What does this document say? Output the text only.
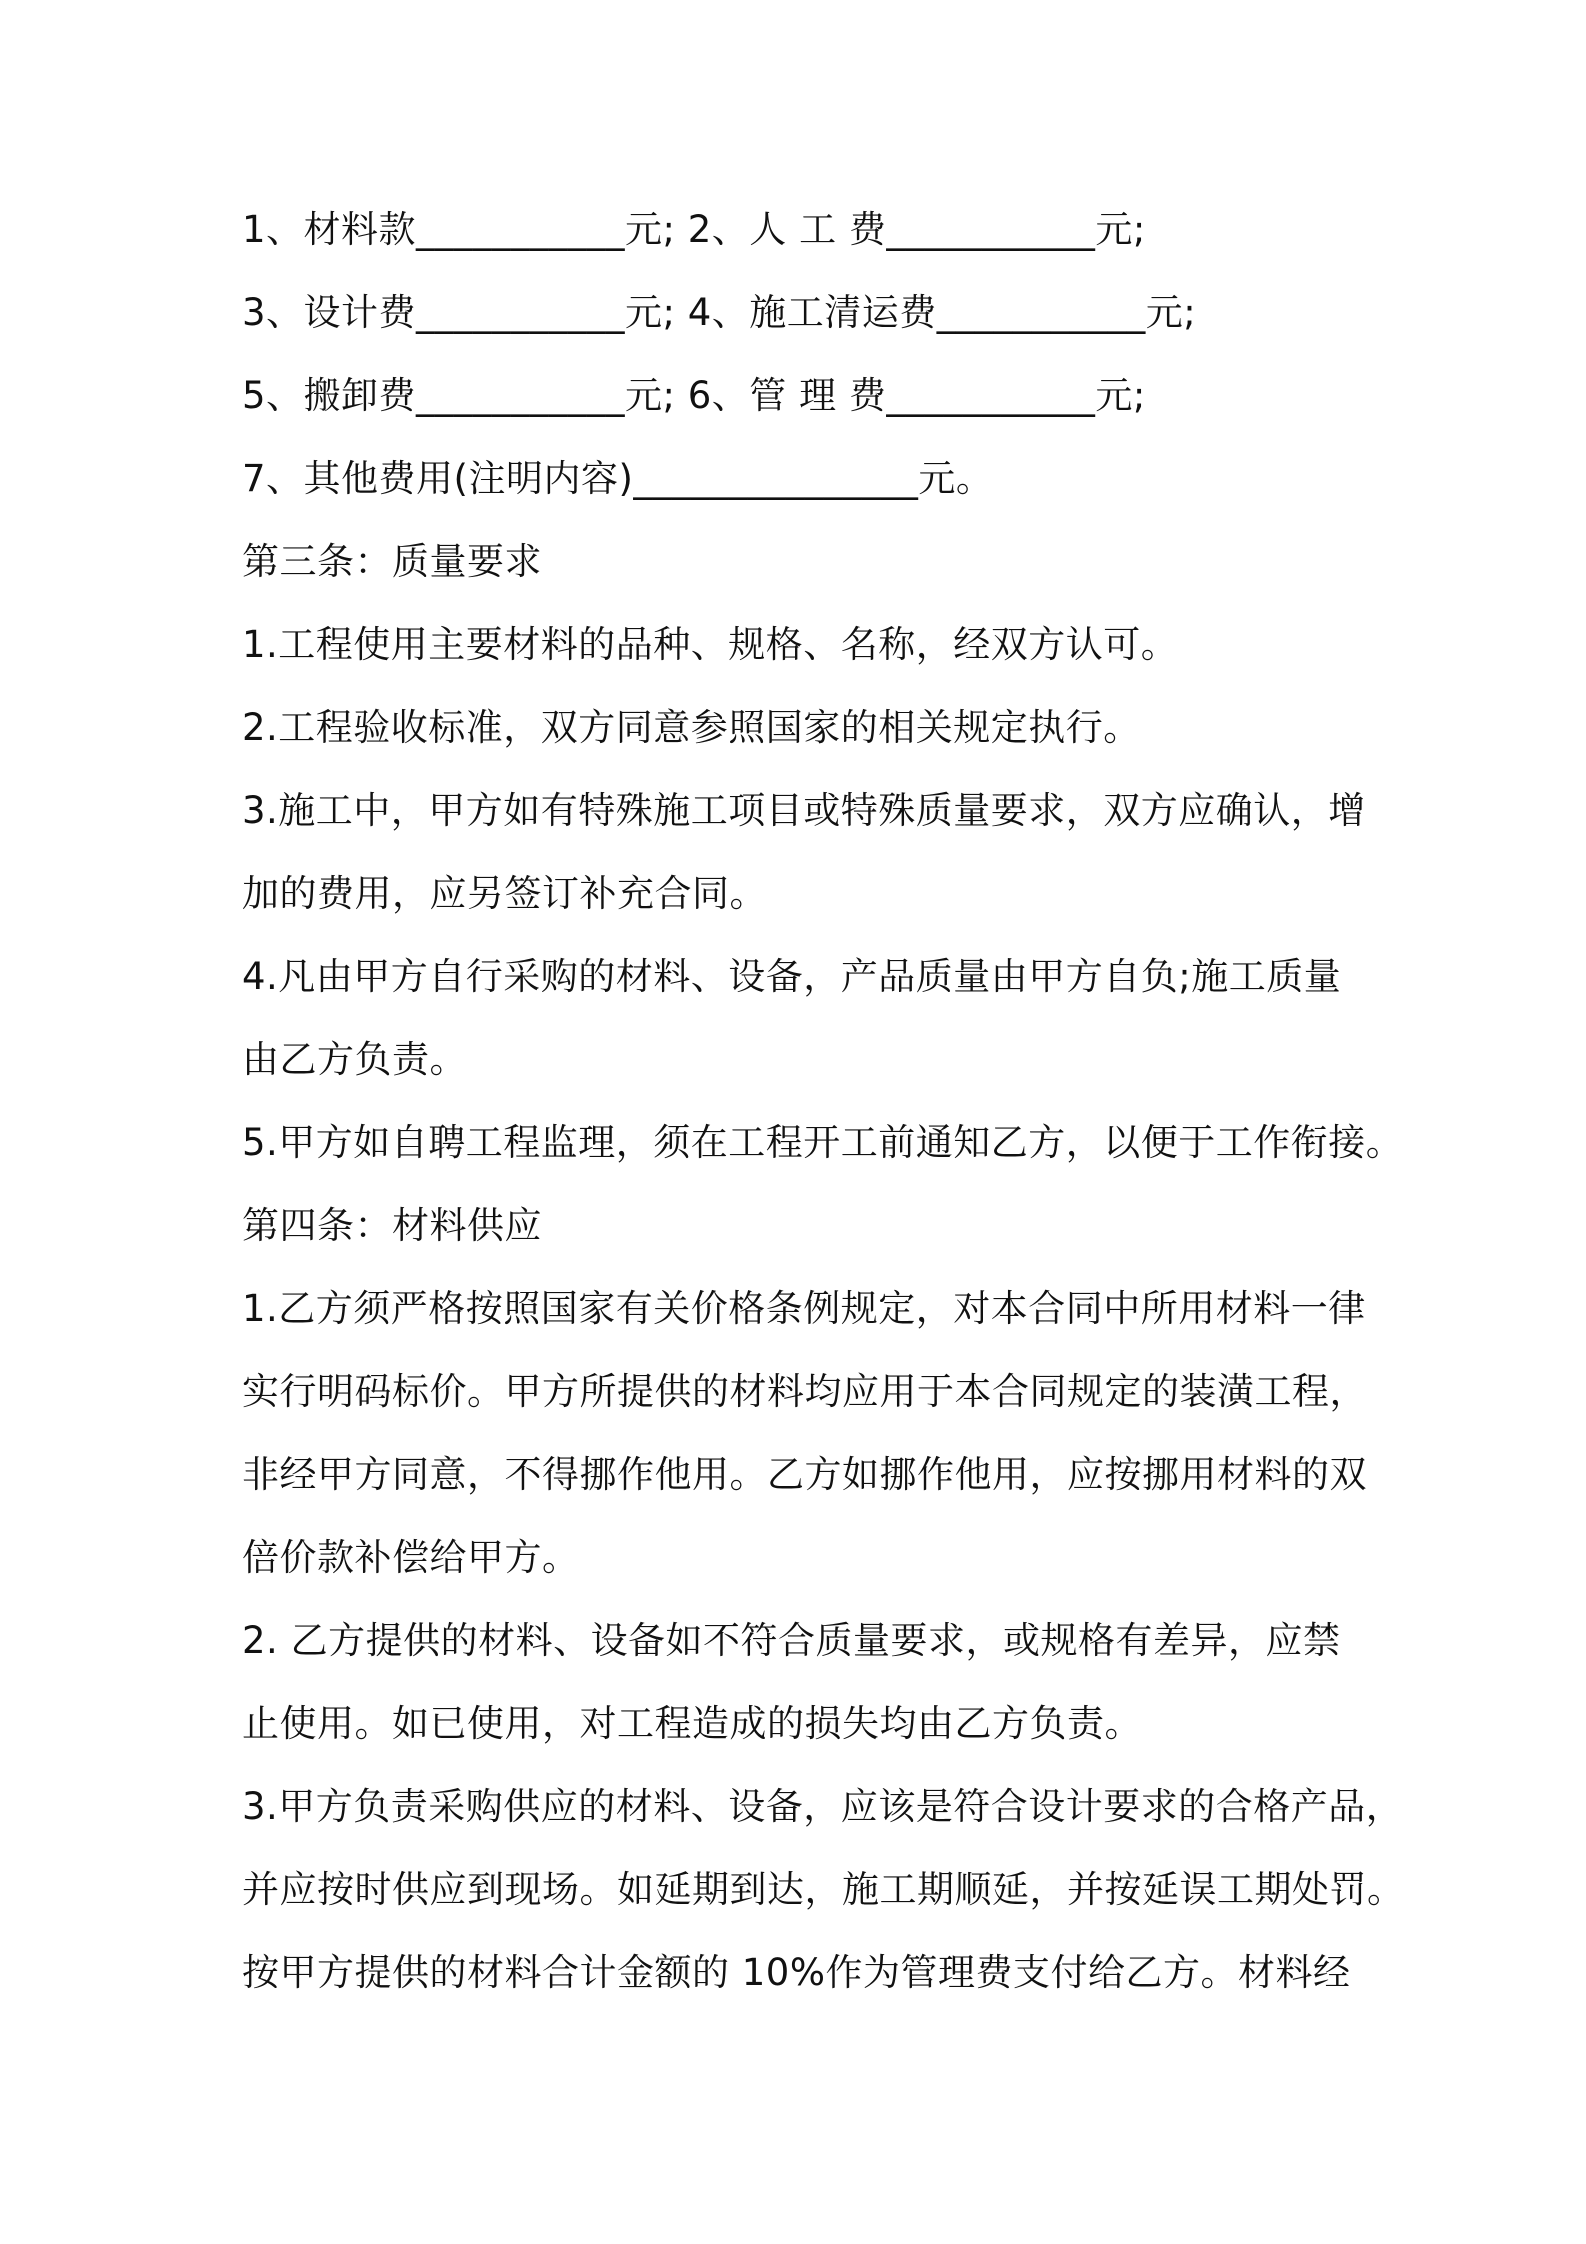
1、材料款___________元; 2、人 工 费___________元;

3、设计费___________元; 4、施工清运费___________元;

5、搬卸费___________元; 6、管 理 费___________元;

7、其他费用(注明内容)_______________元。

第三条：质量要求

1.工程使用主要材料的品种、规格、名称，经双方认可。

2.工程验收标准，双方同意参照国家的相关规定执行。

3.施工中，甲方如有特殊施工项目或特殊质量要求，双方应确认，增

加的费用，应另签订补充合同。

4.凡由甲方自行采购的材料、设备，产品质量由甲方自负;施工质量

由乙方负责。

5.甲方如自聘工程监理，须在工程开工前通知乙方，以便于工作衔接。

第四条：材料供应

1.乙方须严格按照国家有关价格条例规定，对本合同中所用材料一律

实行明码标价。甲方所提供的材料均应用于本合同规定的装潢工程，

非经甲方同意，不得挪作他用。乙方如挪作他用，应按挪用材料的双

倍价款补偿给甲方。

2. 乙方提供的材料、设备如不符合质量要求，或规格有差异，应禁

止使用。如已使用，对工程造成的损失均由乙方负责。

3.甲方负责采购供应的材料、设备，应该是符合设计要求的合格产品，

并应按时供应到现场。如延期到达，施工期顺延，并按延误工期处罚。

按甲方提供的材料合计金额的 10%作为管理费支付给乙方。材料经
